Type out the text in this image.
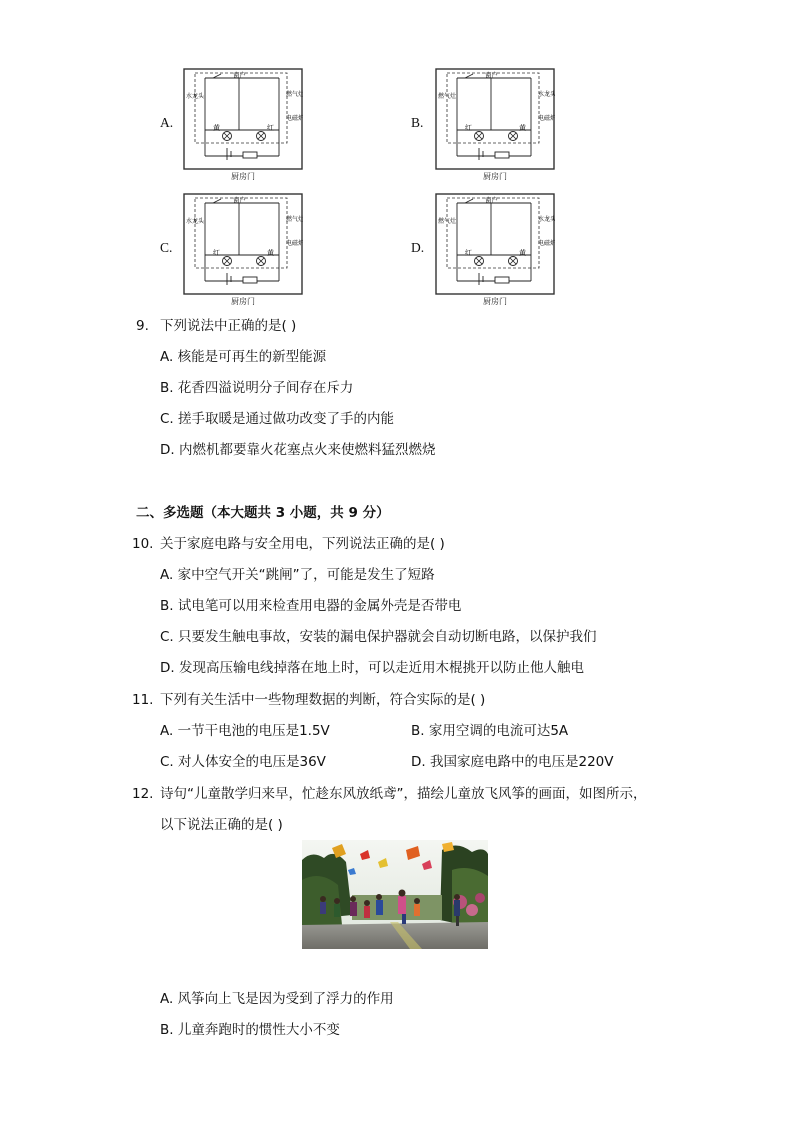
A.
窗户
水龙头	燃气灶
电磁炉
黄	红
厨房门
B.
窗户
燃气灶	水龙头
电磁炉
红	黄
厨房门
C.
窗户
水龙头	燃气灶
电磁炉
红	黄
厨房门
D.
窗户
燃气灶	水龙头
电磁炉
红	黄
厨房门
9. 下列说法中正确的是( )
A. 核能是可再生的新型能源
B. 花香四溢说明分子间存在斥力
C. 搓手取暖是通过做功改变了手的内能
D. 内燃机都要靠火花塞点火来使燃料猛烈燃烧
二、多选题（本大题共 3 小题，共 9 分）
10. 关于家庭电路与安全用电，下列说法正确的是( )
A. 家中空气开关“跳闸”了，可能是发生了短路
B. 试电笔可以用来检查用电器的金属外壳是否带电
C. 只要发生触电事故，安装的漏电保护器就会自动切断电路，以保护我们
D. 发现高压输电线掉落在地上时，可以走近用木棍挑开以防止他人触电
11. 下列有关生活中一些物理数据的判断，符合实际的是( )
A. 一节干电池的电压是1.5V	B. 家用空调的电流可达5A
C. 对人体安全的电压是36V	D. 我国家庭电路中的电压是220V
12. 诗句“儿童散学归来早，忙趁东风放纸鸢”，描绘儿童放飞风筝的画面，如图所示，
以下说法正确的是( )
A. 风筝向上飞是因为受到了浮力的作用
B. 儿童奔跑时的惯性大小不变
